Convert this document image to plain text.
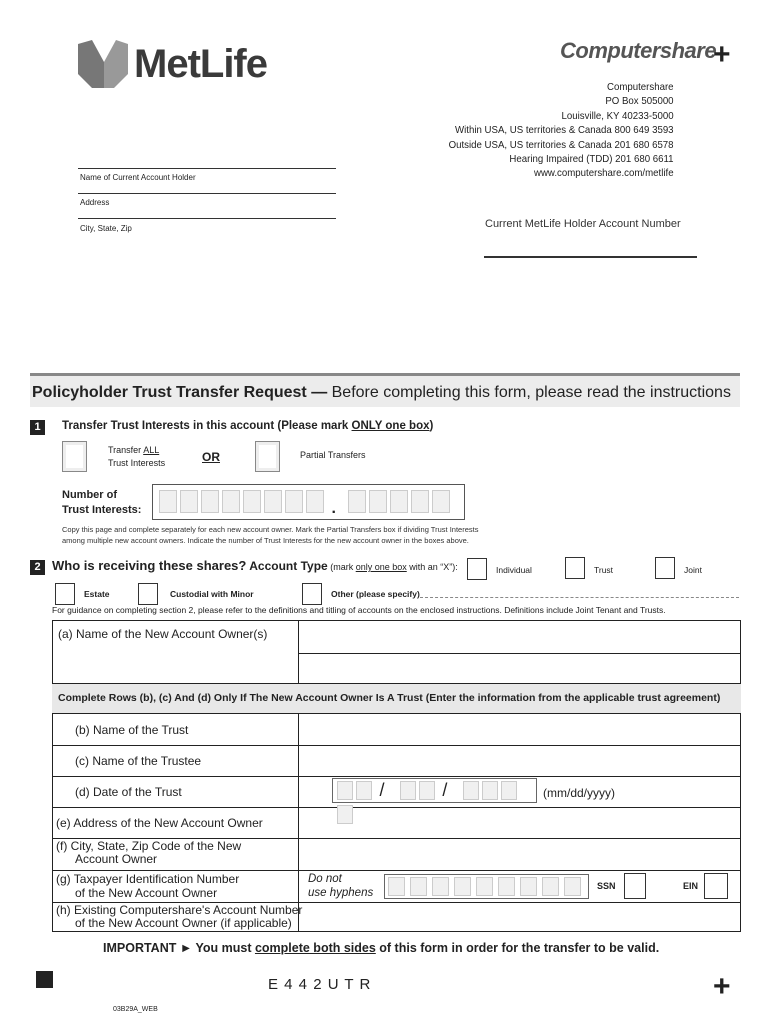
MetLife	Computershare
+
Computershare
PO Box 505000
Louisville, KY 40233-5000
Within USA, US territories & Canada 800 649 3593
Outside USA, US territories & Canada 201 680 6578
Hearing Impaired (TDD) 201 680 6611
www.computershare.com/metlife
Name of Current Account Holder
Address
City, State, Zip	Current MetLife Holder Account Number
Policyholder Trust Transfer Request — Before completing this form, please read the instructions
1	Transfer Trust Interests in this account (Please mark ONLY one box)
Transfer ALL
Trust Interests	OR	Partial Transfers
Number of
Trust Interests:	.
Copy this page and complete separately for each new account owner. Mark the Partial Transfers box if dividing Trust Interests
among multiple new account owners. Indicate the number of Trust Interests for the new account owner in the boxes above.
2 Who is receiving these shares? Account Type (mark only one box with an “X”):	Individual	Trust	Joint
Estate	Custodial with Minor	Other (please specify)
For guidance on completing section 2, please refer to the definitions and titling of accounts on the enclosed instructions. Definitions include Joint Tenant and Trusts.
(a) Name of the New Account Owner(s)
Complete Rows (b), (c) And (d) Only If The New Account Owner Is A Trust (Enter the information from the applicable trust agreement)
(b) Name of the Trust
(c) Name of the Trustee
(d) Date of the Trust	/	/	(mm/dd/yyyy)
(e) Address of the New Account Owner
(f) City, State, Zip Code of the New
Account Owner
(g) Taxpayer Identification Number
of the New Account Owner
Do not
use hyphens
SSN	EIN
(h) Existing Computershare's Account Number
of the New Account Owner (if applicable)
IMPORTANT ► You must complete both sides of this form in order for the transfer to be valid.
E 4 4 2 U T R	+
03B29A_WEB
